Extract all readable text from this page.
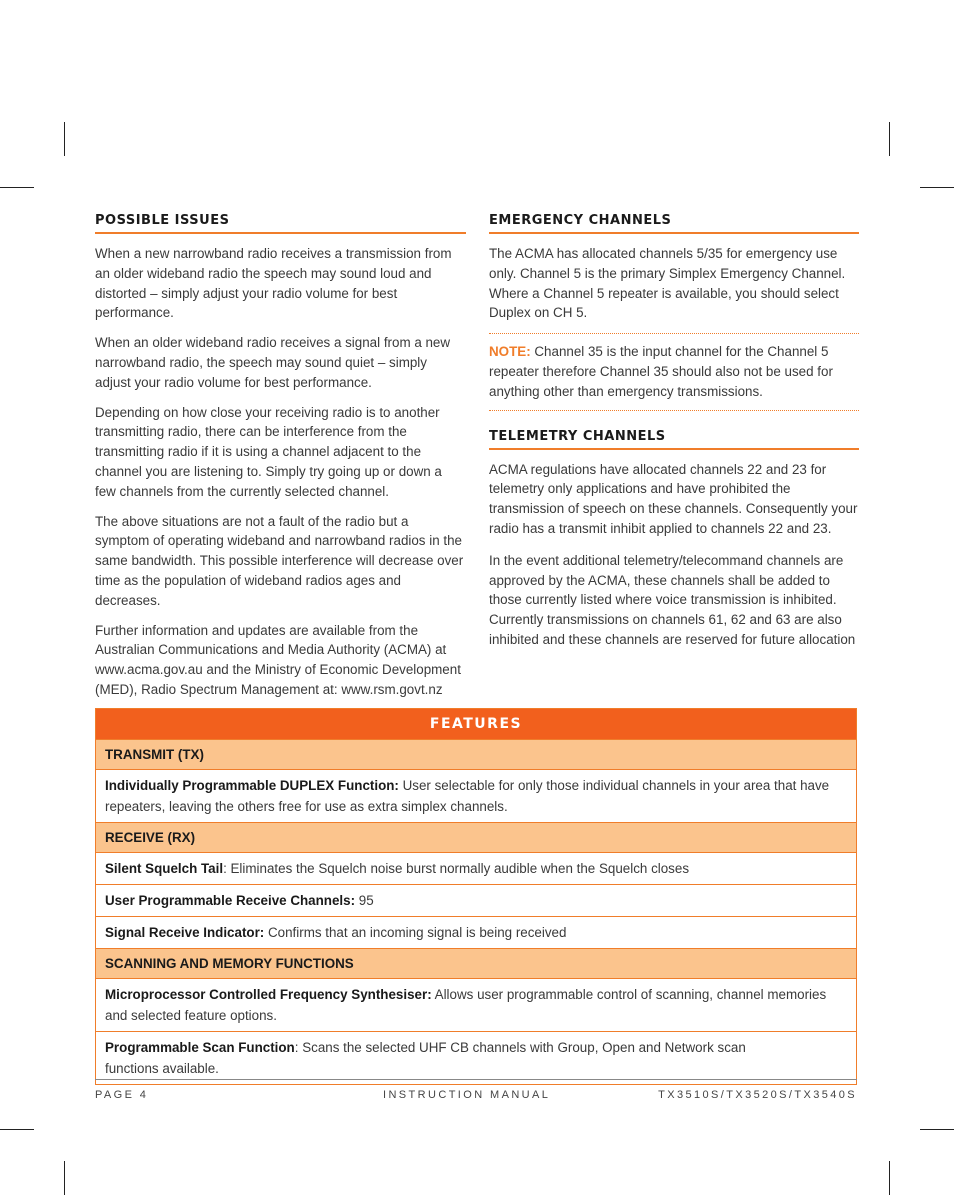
POSSIBLE ISSUES

When a new narrowband radio receives a transmission from an older wideband radio the speech may sound loud and distorted – simply adjust your radio volume for best performance.

When an older wideband radio receives a signal from a new narrowband radio, the speech may sound quiet – simply adjust your radio volume for best performance.

Depending on how close your receiving radio is to another transmitting radio, there can be interference from the transmitting radio if it is using a channel adjacent to the channel you are listening to. Simply try going up or down a few channels from the currently selected channel.

The above situations are not a fault of the radio but a symptom of operating wideband and narrowband radios in the same bandwidth. This possible interference will decrease over time as the population of wideband radios ages and decreases.

Further information and updates are available from the Australian Communications and Media Authority (ACMA) at www.acma.gov.au and the Ministry of Economic Development (MED), Radio Spectrum Management at: www.rsm.govt.nz

EMERGENCY CHANNELS

The ACMA has allocated channels 5/35 for emergency use only. Channel 5 is the primary Simplex Emergency Channel. Where a Channel 5 repeater is available, you should select Duplex on CH 5.

NOTE: Channel 35 is the input channel for the Channel 5 repeater therefore Channel 35 should also not be used for anything other than emergency transmissions.

TELEMETRY CHANNELS

ACMA regulations have allocated channels 22 and 23 for telemetry only applications and have prohibited the transmission of speech on these channels. Consequently your radio has a transmit inhibit applied to channels 22 and 23.

In the event additional telemetry/telecommand channels are approved by the ACMA, these channels shall be added to those currently listed where voice transmission is inhibited. Currently transmissions on channels 61, 62 and 63 are also inhibited and these channels are reserved for future allocation

FEATURES
TRANSMIT (TX)
Individually Programmable DUPLEX Function: User selectable for only those individual channels in your area that have repeaters, leaving the others free for use as extra simplex channels.
RECEIVE (RX)
Silent Squelch Tail: Eliminates the Squelch noise burst normally audible when the Squelch closes
User Programmable Receive Channels: 95
Signal Receive Indicator: Confirms that an incoming signal is being received
SCANNING AND MEMORY FUNCTIONS
Microprocessor Controlled Frequency Synthesiser: Allows user programmable control of scanning, channel memories and selected feature options.
Programmable Scan Function: Scans the selected UHF CB channels with Group, Open and Network scan functions available.
PAGE 4	INSTRUCTION MANUAL	TX3510S/TX3520S/TX3540S
